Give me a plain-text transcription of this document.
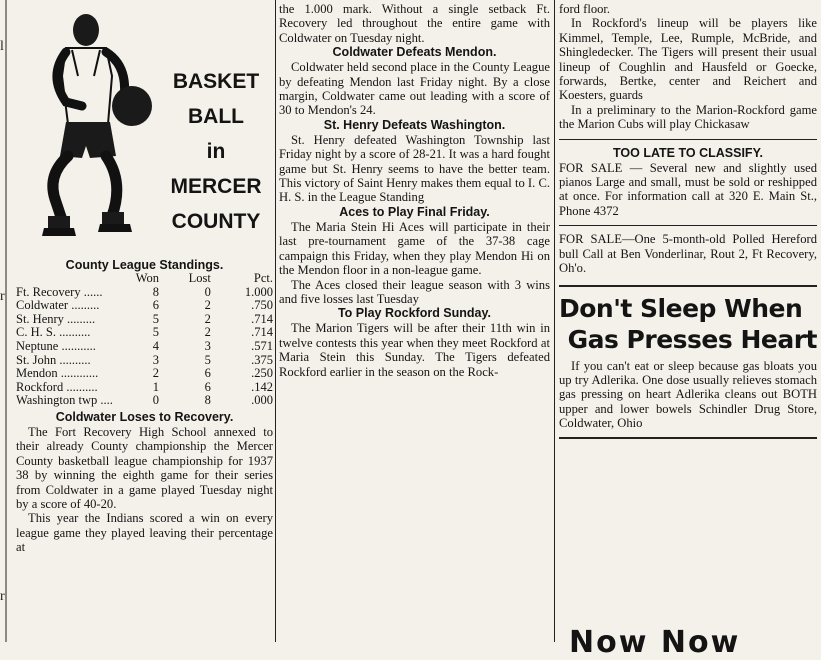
l
r
r
BASKET
BALL
in
MERCER
COUNTY
County League Standings.
	Won	Lost	Pct.
Ft. Recovery ......	8	0	1.000
Coldwater .........	6	2	.750
St. Henry .........	5	2	.714
C. H. S. ..........	5	2	.714
Neptune ...........	4	3	.571
St. John ..........	3	5	.375
Mendon ............	2	6	.250
Rockford ..........	1	6	.142
Washington twp ....	0	8	.000
Coldwater Loses to Recovery.

The Fort Recovery High School annexed to their already County championship the Mercer County basketball league championship for 1937 38 by winning the eighth game for their series from Coldwater in a game played Tuesday night by a score of 40-20.

This year the Indians scored a win on every league game they played leaving their percentage at

the 1.000 mark. Without a single setback Ft. Recovery led throughout the entire game with Coldwater on Tuesday night.

Coldwater Defeats Mendon.

Coldwater held second place in the County League by defeating Mendon last Friday night. By a close margin, Coldwater came out leading with a score of 30 to Mendon's 24.

St. Henry Defeats Washington.

St. Henry defeated Washington Township last Friday night by a score of 28-21. It was a hard fought game but St. Henry seems to have the better team. This victory of Saint Henry makes them equal to I. C. H. S. in the League Standing

Aces to Play Final Friday.

The Maria Stein Hi Aces will participate in their last pre-tournament game of the 37-38 cage campaign this Friday, when they play Mendon Hi on the Mendon floor in a non-league game.

The Aces closed their league season with 3 wins and five losses last Tuesday

To Play Rockford Sunday.

The Marion Tigers will be after their 11th win in twelve contests this year when they meet Rockford at Maria Stein this Sunday. The Tigers defeated Rockford earlier in the season on the Rock-

ford floor.

In Rockford's lineup will be players like Kimmel, Temple, Lee, Rumple, McBride, and Shingledecker. The Tigers will present their usual lineup of Coughlin and Hausfeld or Goecke, forwards, Bertke, center and Reichert and Koesters, guards

In a preliminary to the Marion-Rockford game the Marion Cubs will play Chickasaw

TOO LATE TO CLASSIFY.

FOR SALE — Several new and slightly used pianos Large and small, must be sold or reshipped at once. For information call at 320 E. Main St., Phone 4372

FOR SALE—One 5-month-old Polled Hereford bull Call at Ben Vonderlinar, Rout 2, Ft Recovery, Oh'o.

Don't Sleep When
Gas Presses Heart

If you can't eat or sleep because gas bloats you up try Adlerika. One dose usually relieves stomach gas pressing on heart Adlerika cleans out BOTH upper and lower bowels Schindler Drug Store, Coldwater, Ohio

Now Now
